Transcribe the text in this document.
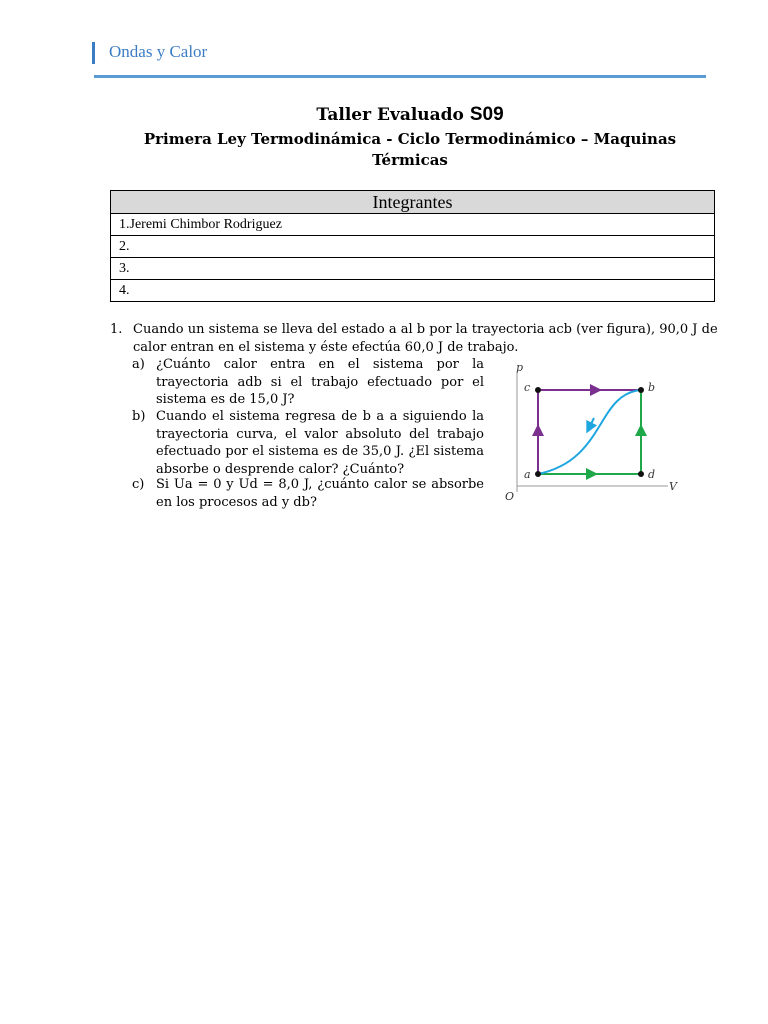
Ondas y Calor
Taller Evaluado S09
Primera Ley Termodinámica - Ciclo Termodinámico – Maquinas Térmicas
Integrantes
1.Jeremi Chimbor Rodriguez
2.
3.
4.
1. Cuando un sistema se lleva del estado a al b por la trayectoria acb (ver figura), 90,0 J de calor entran en el sistema y éste efectúa 60,0 J de trabajo.
a) ¿Cuánto calor entra en el sistema por la trayectoria adb si el trabajo efectuado por el sistema es de 15,0 J?
b) Cuando el sistema regresa de b a a siguiendo la trayectoria curva, el valor absoluto del trabajo efectuado por el sistema es de 35,0 J. ¿El sistema absorbe o desprende calor? ¿Cuánto?
c) Si Ua = 0 y Ud = 8,0 J, ¿cuánto calor se absorbe en los procesos ad y db?
p
V
O
c	b
a	d
